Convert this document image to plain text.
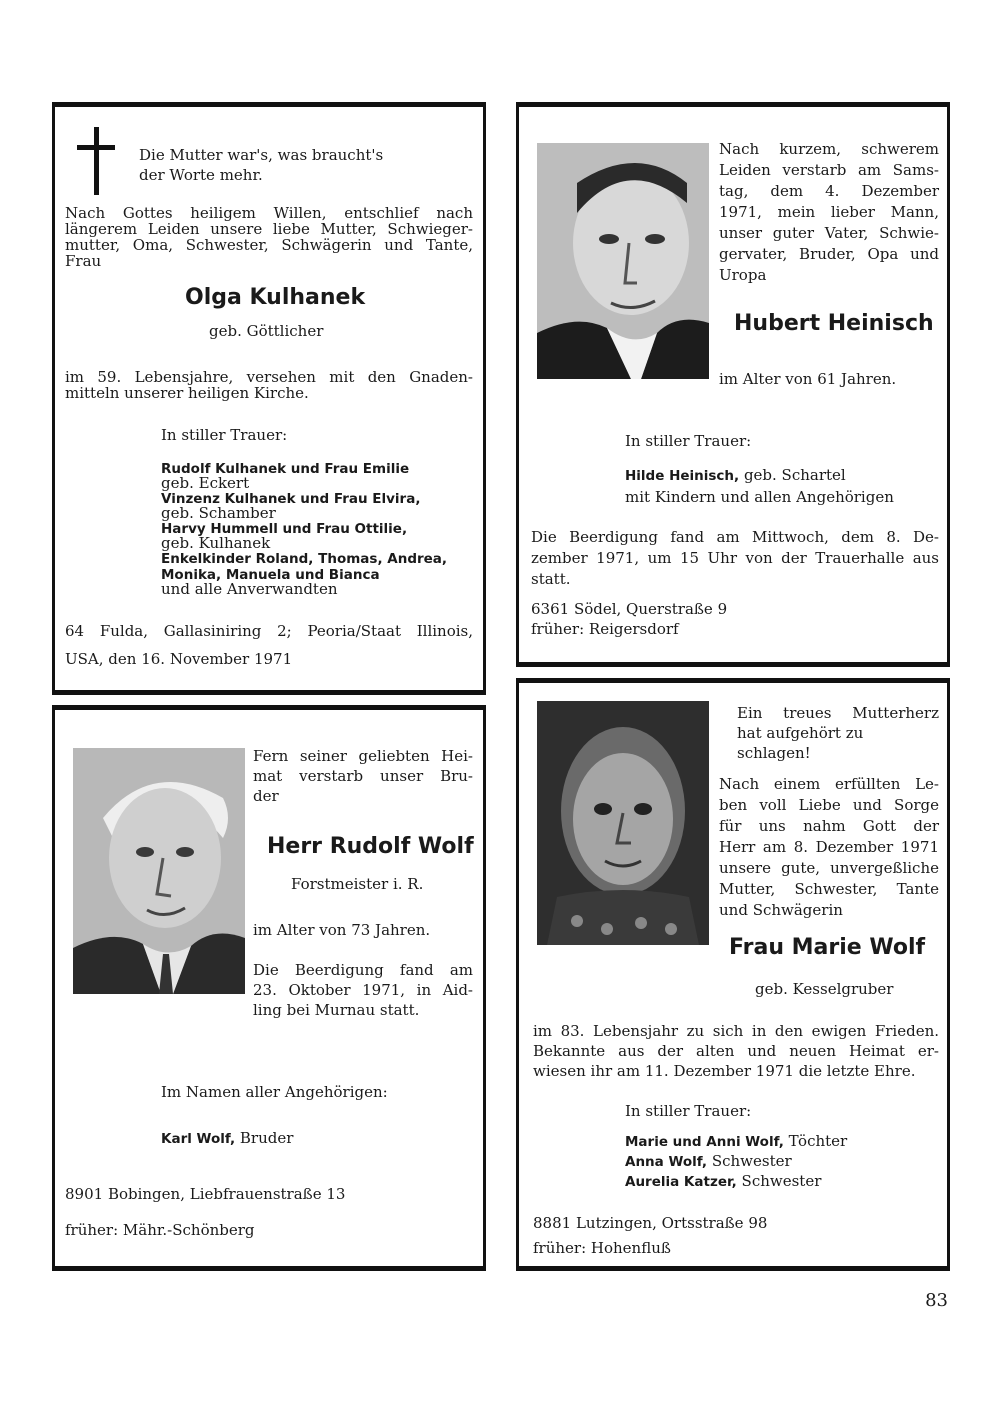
Die Mutter war's, was braucht's

der Worte mehr.

Nach Gottes heiligem Willen, entschlief nach

längerem Leiden unsere liebe Mutter, Schwieger-

mutter, Oma, Schwester, Schwägerin und Tante,

Frau

Olga Kulhanek

geb. Göttlicher

im 59. Lebensjahre, versehen mit den Gnaden-

mitteln unserer heiligen Kirche.

In stiller Trauer:

Rudolf Kulhanek und Frau Emilie

geb. Eckert

Vinzenz Kulhanek und Frau Elvira,

geb. Schamber

Harvy Hummell und Frau Ottilie,

geb. Kulhanek

Enkelkinder Roland, Thomas, Andrea,

Monika, Manuela und Bianca

und alle Anverwandten

64 Fulda, Gallasiniring 2; Peoria/Staat Illinois,

USA, den 16. November 1971

Nach kurzem, schwerem

Leiden verstarb am Sams-

tag, dem 4. Dezember

1971, mein lieber Mann,

unser guter Vater, Schwie-

gervater, Bruder, Opa und

Uropa

Hubert Heinisch

im Alter von 61 Jahren.

In stiller Trauer:

Hilde Heinisch, geb. Schartel

mit Kindern und allen Angehörigen

Die Beerdigung fand am Mittwoch, dem 8. De-

zember 1971, um 15 Uhr von der Trauerhalle aus

statt.

6361 Södel, Querstraße 9

früher: Reigersdorf

Fern seiner geliebten Hei-

mat verstarb unser Bru-

der

Herr Rudolf Wolf

Forstmeister i. R.

im Alter von 73 Jahren.

Die Beerdigung fand am

23. Oktober 1971, in Aid-

ling bei Murnau statt.

Im Namen aller Angehörigen:

Karl Wolf, Bruder

8901 Bobingen, Liebfrauenstraße 13

früher: Mähr.-Schönberg

Ein treues Mutterherz

hat aufgehört zu

schlagen!

Nach einem erfüllten Le-

ben voll Liebe und Sorge

für uns nahm Gott der

Herr am 8. Dezember 1971

unsere gute, unvergeßliche

Mutter, Schwester, Tante

und Schwägerin

Frau Marie Wolf

geb. Kesselgruber

im 83. Lebensjahr zu sich in den ewigen Frieden.

Bekannte aus der alten und neuen Heimat er-

wiesen ihr am 11. Dezember 1971 die letzte Ehre.

In stiller Trauer:

Marie und Anni Wolf, Töchter

Anna Wolf, Schwester

Aurelia Katzer, Schwester

8881 Lutzingen, Ortsstraße 98

früher: Hohenfluß

83
